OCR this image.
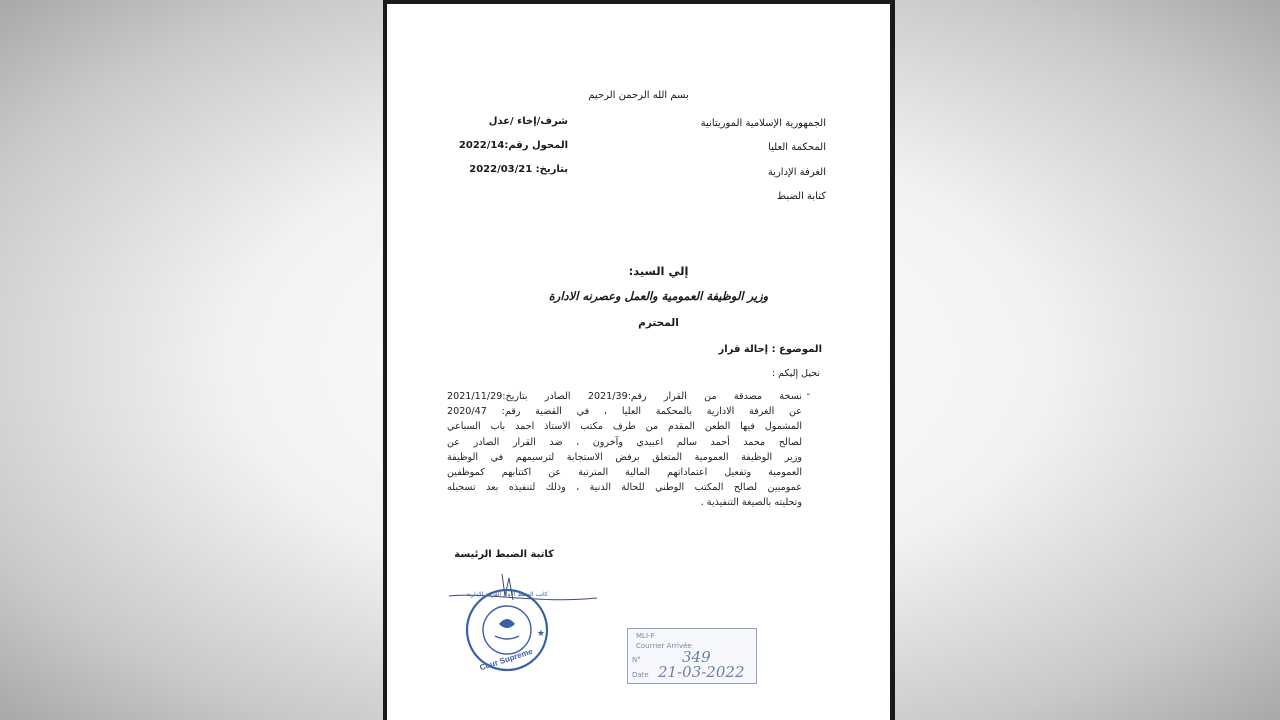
بسم الله الرحمن الرحيم
الجمهورية الإسلامية الموريتانية
المحكمة العليا
الغرفة الإدارية
كتابة الضبط
شرف/إخاء /عدل
المحول رقم:2022/14
بتاريخ: 2022/03/21
إلي السيد:
وزير الوظيفة العمومية والعمل وعصرنه الادارة
المحترم
الموضوع : إحالة قرار
نحيل إليكم :
-
نسخة مصدقة من القرار رقم:2021/39 الصادر بتاريخ:2021/11/29
عن الغرفة الادارية بالمحكمة العليا ، في القضية رقم: 2020/47
المشمول فيها الطعن المقدم من طرف مكتب الاستاذ احمد باب السباعي
لصالح محمد أحمد سالم اعبيدي وآخرون ، ضد القرار الصادر عن
وزير الوظيفة العمومية المتعلق برفض الاستجابة لترسيمهم في الوظيفة
العمومية وتفعيل اعتماداتهم المالية المترتبة عن اكتتابهم كموظفين
عموميين لصالح المكتب الوطني للحالة الدنية ، وذلك لتنفيذه بعد تسجيله
وتحليته بالصيغة التنفيذية .
كاتبة الضبط الرئيسة
Cour Supreme
كاتب الضبط الأول الغرفة الإدارية
★	MLI-F
Courrier Arrivée
N°	349
Date 21-03-2022
